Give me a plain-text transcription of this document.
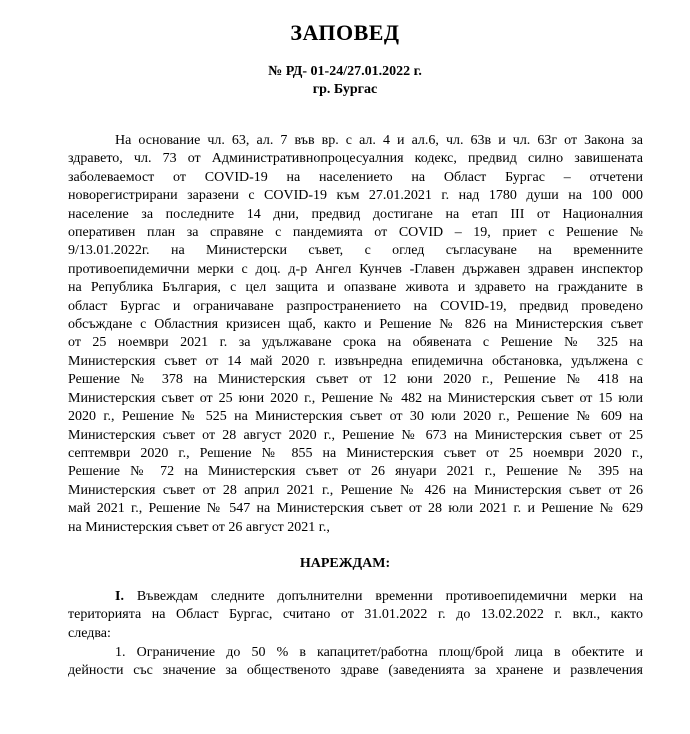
ЗАПОВЕД
№ РД- 01-24/27.01.2022 г.
гр. Бургас
На основание чл. 63, ал. 7 във вр. с ал. 4 и ал.6, чл. 63в и чл. 63г от Закона за
здравето, чл. 73 от Административнопроцесуалния кодекс, предвид силно завишената
заболеваемост от COVID-19 на населението на Област Бургас – отчетени
новорегистрирани заразени с COVID-19 към 27.01.2021 г. над 1780 души на 100 000
население за последните 14 дни, предвид достигане на етап III от Националния
оперативен план за справяне с пандемията от COVID – 19, приет с Решение №
9/13.01.2022г. на Министерски съвет, с оглед съгласуване на временните
противоепидемични мерки с доц. д-р Ангел Кунчев -Главен държавен здравен инспектор
на Република България, с цел защита и опазване живота и здравето на гражданите в
област Бургас и ограничаване разпространението на COVID-19, предвид проведено
обсъждане с Областния кризисен щаб, както и Решение № 826 на Министерския съвет
от 25 ноември 2021 г. за удължаване срока на обявената с Решение № 325 на
Министерския съвет от 14 май 2020 г. извънредна епидемична обстановка, удължена с
Решение № 378 на Министерския съвет от 12 юни 2020 г., Решение № 418 на
Министерския съвет от 25 юни 2020 г., Решение № 482 на Министерския съвет от 15 юли
2020 г., Решение № 525 на Министерския съвет от 30 юли 2020 г., Решение № 609 на
Министерския съвет от 28 август 2020 г., Решение № 673 на Министерския съвет от 25
септември 2020 г., Решение № 855 на Министерския съвет от 25 ноември 2020 г.,
Решение № 72 на Министерския съвет от 26 януари 2021 г., Решение № 395 на
Министерския съвет от 28 април 2021 г., Решение № 426 на Министерския съвет от 26
май 2021 г., Решение № 547 на Министерския съвет от 28 юли 2021 г. и Решение № 629
на Министерския съвет от 26 август 2021 г.,
НАРЕЖДАМ:
I. Въвеждам следните допълнителни временни противоепидемични мерки на
територията на Област Бургас, считано от 31.01.2022 г. до 13.02.2022 г. вкл., както
следва:
1. Ограничение до 50 % в капацитет/работна площ/брой лица в обектите и
дейности със значение за общественото здраве (заведенията за хранене и развлечения
